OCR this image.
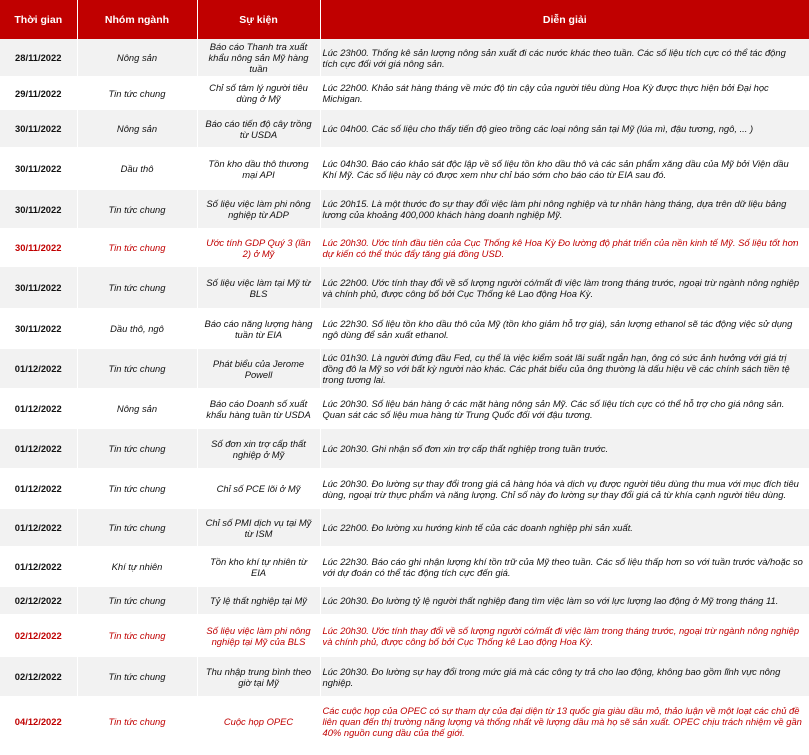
Thời gian	Nhóm ngành	Sự kiện	Diễn giải
28/11/2022	Nông sản	Báo cáo Thanh tra xuất khẩu nông sản Mỹ hàng tuần	Lúc 23h00. Thống kê sản lượng nông sản xuất đi các nước khác theo tuần. Các số liệu tích cực có thể tác động tích cực đối với giá nông sản.
29/11/2022	Tin tức chung	Chỉ số tâm lý người tiêu dùng ở Mỹ	Lúc 22h00. Khảo sát hàng tháng về mức độ tin cậy của người tiêu dùng Hoa Kỳ được thực hiện bởi Đại học Michigan.
30/11/2022	Nông sản	Báo cáo tiến độ cây trồng từ USDA	Lúc 04h00. Các số liệu cho thấy tiến độ gieo trồng các loại nông sản tại Mỹ (lúa mì, đậu tương, ngô, ... )
30/11/2022	Dầu thô	Tồn kho dầu thô thương mại API	Lúc 04h30. Báo cáo khảo sát độc lập về số liệu tồn kho dầu thô và các sản phẩm xăng dầu của Mỹ bởi Viện dầu Khí Mỹ. Các số liệu này có được xem như chỉ báo sớm cho báo cáo từ EIA sau đó.
30/11/2022	Tin tức chung	Số liệu việc làm phi nông nghiệp từ ADP	Lúc 20h15. Là một thước đo sự thay đổi việc làm phi nông nghiệp và tư nhân hàng tháng, dựa trên dữ liệu bảng lương của khoảng 400,000 khách hàng doanh nghiệp Mỹ.
30/11/2022	Tin tức chung	Ước tính GDP Quý 3 (lần 2) ở Mỹ	Lúc 20h30. Ước tính đầu tiên của Cục Thống kê Hoa Kỳ Đo lường độ phát triển của nền kinh tế Mỹ. Số liệu tốt hơn dự kiến có thể thúc đẩy tăng giá đồng USD.
30/11/2022	Tin tức chung	Số liệu việc làm tại Mỹ từ BLS	Lúc 22h00. Ước tính thay đổi về số lượng người có/mất đi việc làm trong tháng trước, ngoại trừ ngành nông nghiệp và chính phủ, được công bố bởi Cục Thống kê Lao động Hoa Kỳ.
30/11/2022	Dầu thô, ngô	Báo cáo năng lượng hàng tuần từ EIA	Lúc 22h30. Số liệu tồn kho dầu thô của Mỹ (tồn kho giảm hỗ trợ giá), sản lượng ethanol sẽ tác động việc sử dụng ngô dùng để sản xuất ethanol.
01/12/2022	Tin tức chung	Phát biểu của Jerome Powell	Lúc 01h30. Là người đứng đầu Fed, cụ thể là việc kiểm soát lãi suất ngắn hạn, ông có sức ảnh hưởng với giá trị đồng đô la Mỹ so với bất kỳ người nào khác. Các phát biểu của ông thường là dấu hiệu về các chính sách tiền tệ trong tương lai.
01/12/2022	Nông sản	Báo cáo Doanh số xuất khẩu hàng tuần từ USDA	Lúc 20h30. Số liệu bán hàng ở các mặt hàng nông sản Mỹ. Các số liệu tích cực có thể hỗ trợ cho giá nông sản. Quan sát các số liệu mua hàng từ Trung Quốc đối với đậu tương.
01/12/2022	Tin tức chung	Số đơn xin trợ cấp thất nghiệp ở Mỹ	Lúc 20h30. Ghi nhận số đơn xin trợ cấp thất nghiệp trong tuần trước.
01/12/2022	Tin tức chung	Chỉ số PCE lõi ở Mỹ	Lúc 20h30. Đo lường sự thay đổi trong giá cả hàng hóa và dịch vụ được người tiêu dùng thu mua với mục đích tiêu dùng, ngoại trừ thực phẩm và năng lượng. Chỉ số này đo lường sự thay đổi giá cả từ khía cạnh người tiêu dùng.
01/12/2022	Tin tức chung	Chỉ số PMI dịch vụ tại Mỹ từ ISM	Lúc 22h00. Đo lường xu hướng kinh tế của các doanh nghiệp phi sản xuất.
01/12/2022	Khí tự nhiên	Tồn kho khí tự nhiên từ EIA	Lúc 22h30. Báo cáo ghi nhận lượng khí tồn trữ của Mỹ theo tuần. Các số liệu thấp hơn so với tuần trước và/hoặc so với dự đoán có thể tác động tích cực đến giá.
02/12/2022	Tin tức chung	Tỷ lệ thất nghiệp tại Mỹ	Lúc 20h30. Đo lường tỷ lệ người thất nghiệp đang tìm việc làm so với lực lượng lao động ở Mỹ trong tháng 11.
02/12/2022	Tin tức chung	Số liệu việc làm phi nông nghiệp tại Mỹ của BLS	Lúc 20h30. Ước tính thay đổi về số lượng người có/mất đi việc làm trong tháng trước, ngoại trừ ngành nông nghiệp và chính phủ, được công bố bởi Cục Thống kê Lao động Hoa Kỳ.
02/12/2022	Tin tức chung	Thu nhập trung bình theo giờ tại Mỹ	Lúc 20h30. Đo lường sự hay đổi trong mức giá mà các công ty trả cho lao động, không bao gồm lĩnh vực nông nghiệp.
04/12/2022	Tin tức chung	Cuộc họp OPEC	Các cuộc họp của OPEC có sự tham dự của đại diện từ 13 quốc gia giàu dầu mỏ, thảo luận về một loạt các chủ đề liên quan đến thị trường năng lượng và thống nhất về lượng dầu mà họ sẽ sản xuất. OPEC chịu trách nhiệm về gần 40% nguồn cung dầu của thế giới.
